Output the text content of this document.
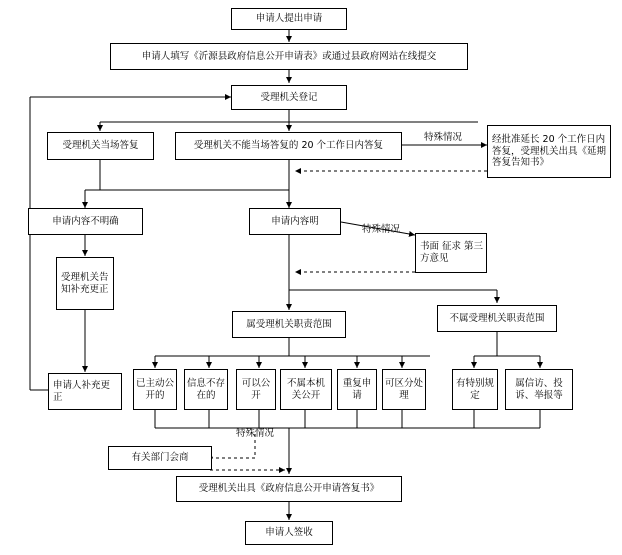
申请人提出申请
申请人填写《沂源县政府信息公开申请表》或通过县政府网站在线提交
受理机关登记
受理机关当场答复	受理机关不能当场答复的 20 个工作日内答复
经批准延长 20 个工作日内答复，受理机关出具《延期答复告知书》
特殊情况
申请内容不明确	申请内容明
特殊情况
书面 征求 第三方意见
受理机关告知补充更正
申请人补充更正
属受理机关职责范围
不属受理机关职责范围
已主动公开的
信息不存在的
可以公开
不属本机关公开
重复申请
可区分处理
有特别规定
属信访、投诉、举报等
特殊情况
有关部门会商
受理机关出具《政府信息公开申请答复书》
申请人签收
